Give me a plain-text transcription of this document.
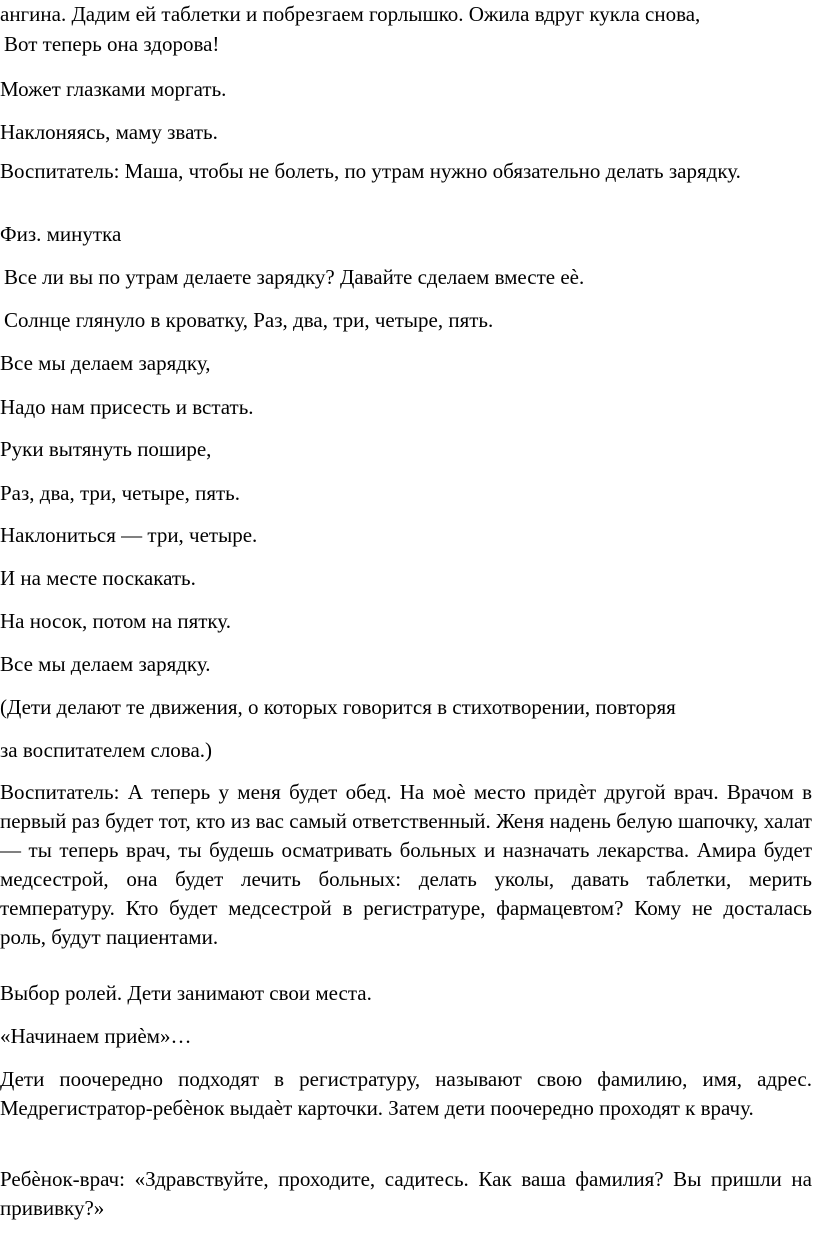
ангина. Дадим ей таблетки и побрезгаем горлышко. Ожила вдруг кукла снова,

Вот теперь она здорова!

Может глазками моргать.

Наклоняясь, маму звать.

Воспитатель: Маша, чтобы не болеть, по утрам нужно обязательно делать зарядку.

Физ. минутка

Все ли вы по утрам делаете зарядку? Давайте сделаем вместе еѐ.

Солнце глянуло в кроватку, Раз, два, три, четыре, пять.

Все мы делаем зарядку,

Надо нам присесть и встать.

Руки вытянуть пошире,

Раз, два, три, четыре, пять.

Наклониться — три, четыре.

И на месте поскакать.

На носок, потом на пятку.

Все мы делаем зарядку.

(Дети делают те движения, о которых говорится в стихотворении, повторяя

за воспитателем слова.)

Воспитатель: А теперь у меня будет обед. На моѐ место придѐт другой врач. Врачом в первый раз будет тот, кто из вас самый ответственный. Женя надень белую шапочку, халат — ты теперь врач, ты будешь осматривать больных и назначать лекарства. Амира будет медсестрой, она будет лечить больных: делать уколы, давать таблетки, мерить температуру. Кто будет медсестрой в регистратуре, фармацевтом? Кому не досталась роль, будут пациентами.

Выбор ролей. Дети занимают свои места.

«Начинаем приѐм»…

Дети поочередно подходят в регистратуру, называют свою фамилию, имя, адрес. Медрегистратор-ребѐнок выдаѐт карточки. Затем дети поочередно проходят к врачу.

Ребѐнок-врач: «Здравствуйте, проходите, садитесь. Как ваша фамилия? Вы пришли на прививку?»
